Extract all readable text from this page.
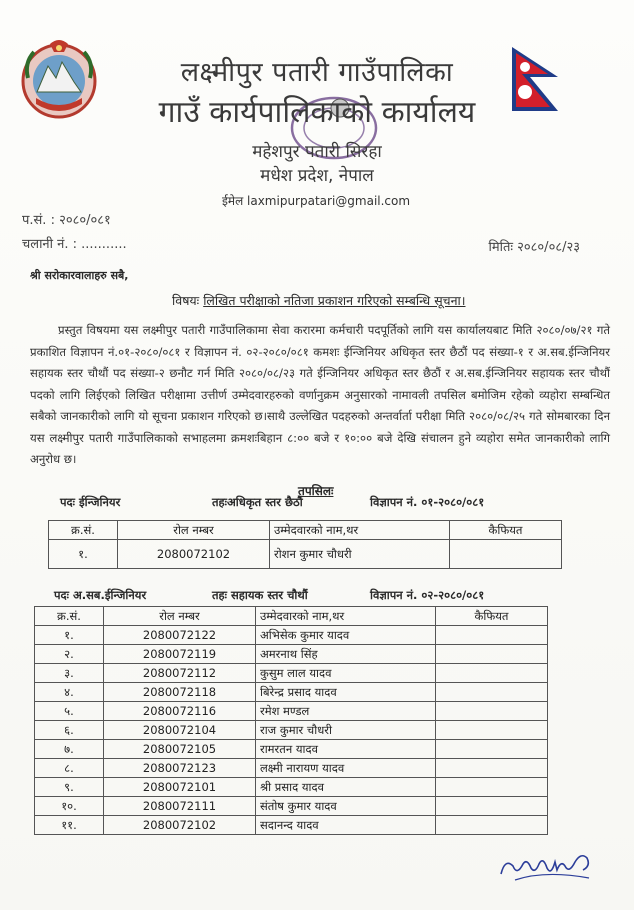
लक्ष्मीपुर पतारी गाउँपालिका
गाउँ कार्यपालिकाको कार्यालय
महेशपुर पतारी सिरहा
मधेश प्रदेश, नेपाल
ईमेल laxmipurpatari@gmail.com
प.सं. : २०८०/०८१
चलानी नं. : ...........	मितिः २०८०/०८/२३
श्री सरोकारवालाहरु सबै,
विषयः लिखित परीक्षाको नतिजा प्रकाशन गरिएको सम्बन्धि सूचना।
प्रस्तुत विषयमा यस लक्ष्मीपुर पतारी गाउँपालिकामा सेवा करारमा कर्मचारी पदपूर्तिको लागि यस कार्यालयबाट मिति २०८०/०७/२१ गते प्रकाशित विज्ञापन नं.०१-२०८०/०८१ र विज्ञापन नं. ०२-२०८०/०८१ कमशः ईन्जिनियर अधिकृत स्तर छैठौं पद संख्या-१ र अ.सब.ईन्जिनियर सहायक स्तर चौथौं पद संख्या-२ छनौट गर्न मिति २०८०/०८/२३ गते ईन्जिनियर अधिकृत स्तर छैठौं र अ.सब.ईन्जिनियर सहायक स्तर चौथौं पदको लागि लिईएको लिखित परीक्षामा उत्तीर्ण उम्मेदवारहरुको वर्णानुक्रम अनुसारको नामावली तपसिल बमोजिम रहेको व्यहोरा सम्बन्धित सबैको जानकारीको लागि यो सूचना प्रकाशन गरिएको छ।साथै उल्लेखित पदहरुको अन्तर्वार्ता परीक्षा मिति २०८०/०८/२५ गते सोमबारका दिन यस लक्ष्मीपुर पतारी गाउँपालिकाको सभाहलमा क्रमशःबिहान ८:०० बजे र १०:०० बजे देखि संचालन हुने व्यहोरा समेत जानकारीको लागि अनुरोध छ।
तपसिलः
पदः ईन्जिनियर	तहःअधिकृत स्तर छैठौं	विज्ञापन नं. ०१-२०८०/०८१
क्र.सं.	रोल नम्बर	उम्मेदवारको नाम,थर	कैफियत
१.	2080072102	रोशन कुमार चौधरी	
पदः अ.सब.ईन्जिनियर	तहः सहायक स्तर चौथौं	विज्ञापन नं. ०२-२०८०/०८१
क्र.सं.	रोल नम्बर	उम्मेदवारको नाम,थर	कैफियत
१.	2080072122	अभिसेक कुमार यादव	
२.	2080072119	अमरनाथ सिंह	
३.	2080072112	कुसुम लाल यादव	
४.	2080072118	बिरेन्द्र प्रसाद यादव	
५.	2080072116	रमेश मण्डल	
६.	2080072104	राज कुमार चौधरी	
७.	2080072105	रामरतन यादव	
८.	2080072123	लक्ष्मी नारायण यादव	
९.	2080072101	श्री प्रसाद यादव	
१०.	2080072111	संतोष कुमार यादव	
११.	2080072102	सदानन्द यादव	
